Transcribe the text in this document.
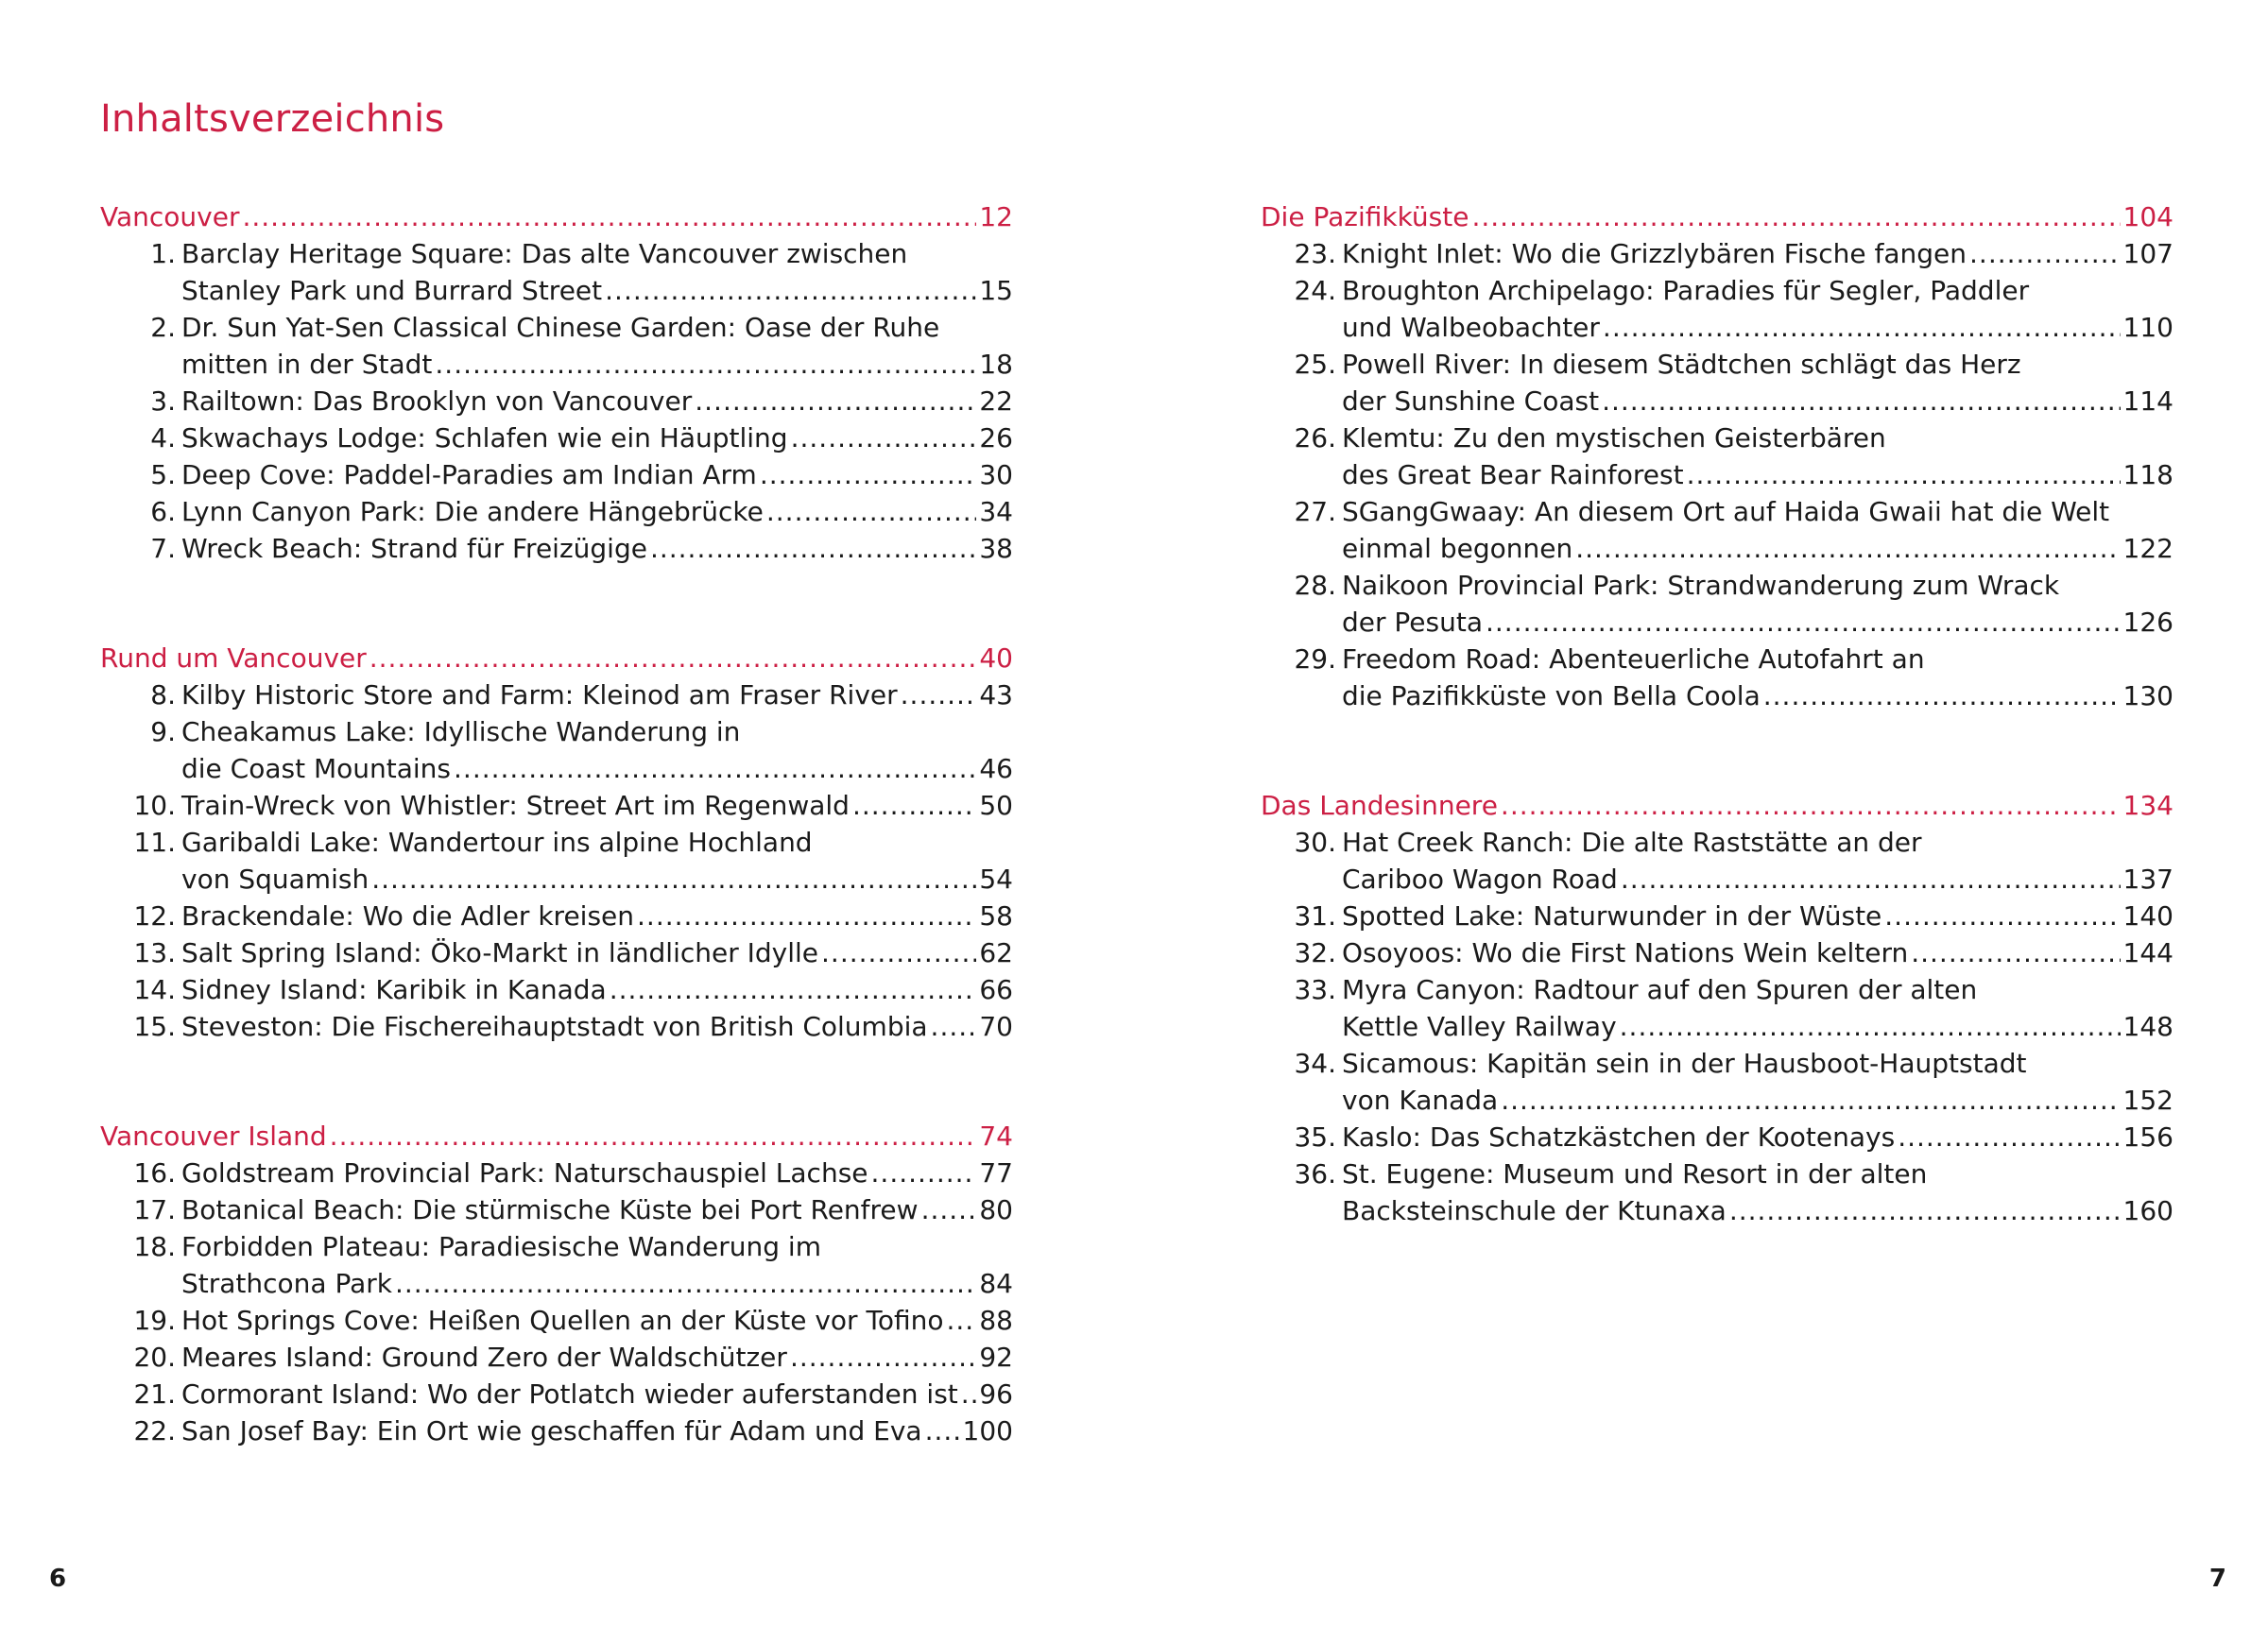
Inhaltsverzeichnis
Vancouver .....	12
1. Barclay Heritage Square: Das alte Vancouver zwischen
Stanley Park und Burrard Street .....	15
2. Dr. Sun Yat-Sen Classical Chinese Garden: Oase der Ruhe
mitten in der Stadt .....	18
3. Railtown: Das Brooklyn von Vancouver .....	22
4. Skwachays Lodge: Schlafen wie ein Häuptling .....	26
5. Deep Cove: Paddel-Paradies am Indian Arm .....	30
6. Lynn Canyon Park: Die andere Hängebrücke .....	34
7. Wreck Beach: Strand für Freizügige .....	38
Rund um Vancouver .....	40
8. Kilby Historic Store and Farm: Kleinod am Fraser River .....	43
9. Cheakamus Lake: Idyllische Wanderung in
die Coast Mountains .....	46
10. Train-Wreck von Whistler: Street Art im Regenwald .....	50
11. Garibaldi Lake: Wandertour ins alpine Hochland
von Squamish .....	54
12. Brackendale: Wo die Adler kreisen .....	58
13. Salt Spring Island: Öko-Markt in ländlicher Idylle .....	62
14. Sidney Island: Karibik in Kanada .....	66
15. Steveston: Die Fischereihauptstadt von British Columbia ..... 70
Vancouver Island .....	74
16. Goldstream Provincial Park: Naturschauspiel Lachse .....	77
17. Botanical Beach: Die stürmische Küste bei Port Renfrew ..... 80
18. Forbidden Plateau: Paradiesische Wanderung im
Strathcona Park .....	84
19. Hot Springs Cove: Heißen Quellen an der Küste vor Tofino ..... 88
20. Meares Island: Ground Zero der Waldschützer .....	92
21. Cormorant Island: Wo der Potlatch wieder auferstanden ist ..... 96
22. San Josef Bay: Ein Ort wie geschaffen für Adam und Eva ..... 100
Die Pazifikküste .....	104
23. Knight Inlet: Wo die Grizzlybären Fische fangen .....	107
24. Broughton Archipelago: Paradies für Segler, Paddler
und Walbeobachter .....	110
25. Powell River: In diesem Städtchen schlägt das Herz
der Sunshine Coast .....	114
26. Klemtu: Zu den mystischen Geisterbären
des Great Bear Rainforest .....	118
27. SGangGwaay: An diesem Ort auf Haida Gwaii hat die Welt
einmal begonnen .....	122
28. Naikoon Provincial Park: Strandwanderung zum Wrack
der Pesuta .....	126
29. Freedom Road: Abenteuerliche Autofahrt an
die Pazifikküste von Bella Coola .....	130
Das Landesinnere .....	134
30. Hat Creek Ranch: Die alte Raststätte an der
Cariboo Wagon Road .....	137
31. Spotted Lake: Naturwunder in der Wüste .....	140
32. Osoyoos: Wo die First Nations Wein keltern .....	144
33. Myra Canyon: Radtour auf den Spuren der alten
Kettle Valley Railway .....	148
34. Sicamous: Kapitän sein in der Hausboot-Hauptstadt
von Kanada .....	152
35. Kaslo: Das Schatzkästchen der Kootenays .....	156
36. St. Eugene: Museum und Resort in der alten
Backsteinschule der Ktunaxa .....	160
6	7
